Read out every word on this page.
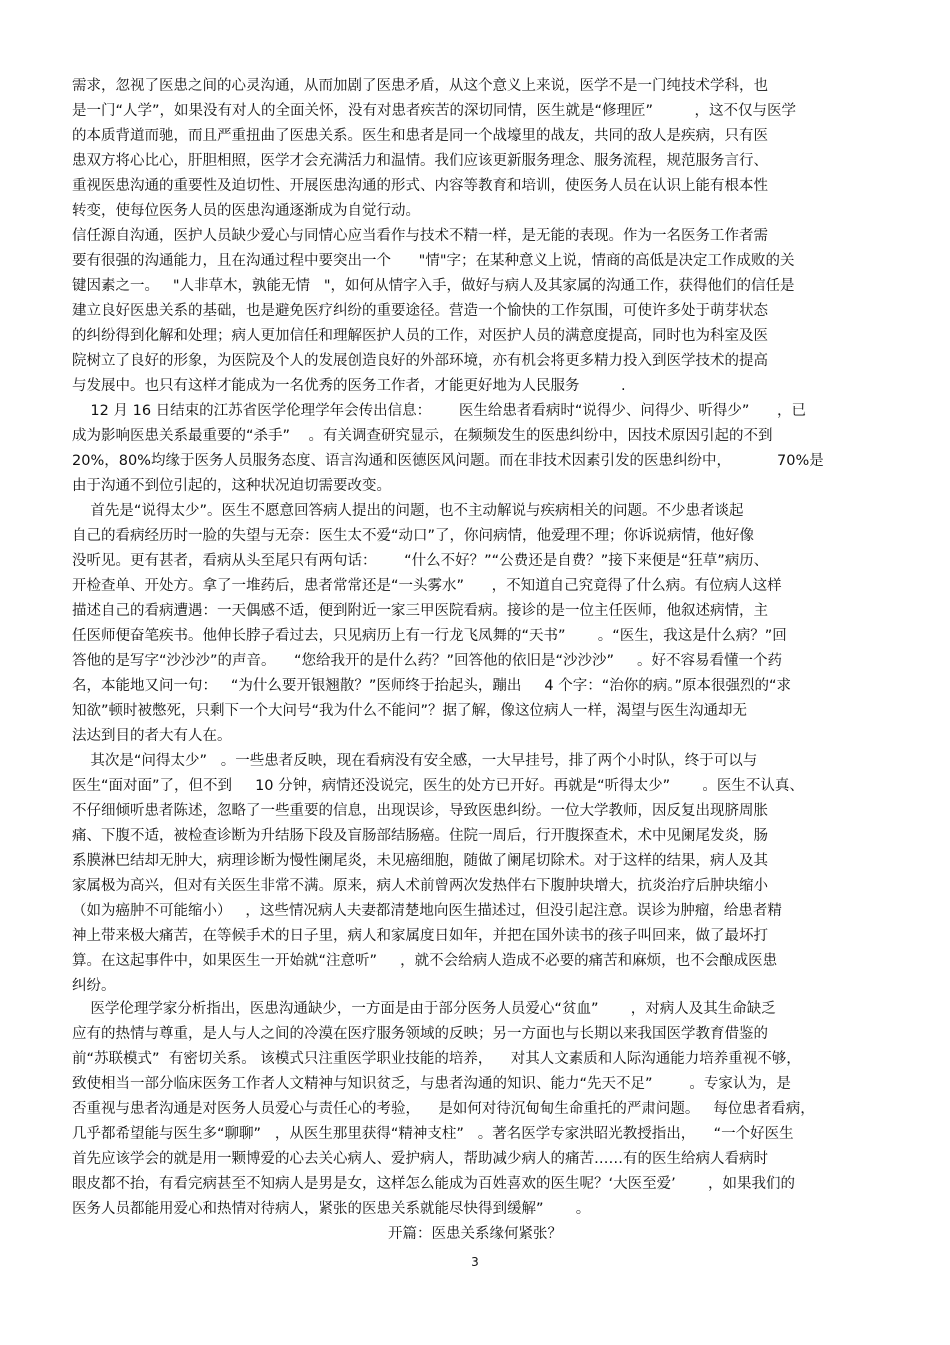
需求，忽视了医患之间的心灵沟通，从而加剧了医患矛盾，从这个意义上来说，医学不是一门纯技术学科，也
是一门“人学”，如果没有对人的全面关怀，没有对患者疾苦的深切同情，医生就是“修理匠”         ，这不仅与医学
的本质背道而驰，而且严重扭曲了医患关系。医生和患者是同一个战壕里的战友，共同的敌人是疾病，只有医
患双方将心比心，肝胆相照，医学才会充满活力和温情。我们应该更新服务理念、服务流程，规范服务言行、
重视医患沟通的重要性及迫切性、开展医患沟通的形式、内容等教育和培训，使医务人员在认识上能有根本性
转变，使每位医务人员的医患沟通逐渐成为自觉行动。
信任源自沟通，医护人员缺少爱心与同情心应当看作与技术不精一样，是无能的表现。作为一名医务工作者需
要有很强的沟通能力，且在沟通过程中要突出一个      "情"字；在某种意义上说，情商的高低是决定工作成败的关
键因素之一。   "人非草木，孰能无情   "，如何从情字入手，做好与病人及其家属的沟通工作，获得他们的信任是
建立良好医患关系的基础，也是避免医疗纠纷的重要途径。营造一个愉快的工作氛围，可使许多处于萌芽状态
的纠纷得到化解和处理；病人更加信任和理解医护人员的工作，对医护人员的满意度提高，同时也为科室及医
院树立了良好的形象，为医院及个人的发展创造良好的外部环境，亦有机会将更多精力投入到医学技术的提高
与发展中。也只有这样才能成为一名优秀的医务工作者，才能更好地为人民服务         .
12 月 16 日结束的江苏省医学伦理学年会传出信息：      医生给患者看病时“说得少、问得少、听得少”      ，已
成为影响医患关系最重要的“杀手”    。有关调查研究显示，在频频发生的医患纠纷中，因技术原因引起的不到
20%，80%均缘于医务人员服务态度、语言沟通和医德医风问题。而在非技术因素引发的医患纠纷中，          70%是
由于沟通不到位引起的，这种状况迫切需要改变。
首先是“说得太少”。医生不愿意回答病人提出的问题，也不主动解说与疾病相关的问题。不少患者谈起
自己的看病经历时一脸的失望与无奈：医生太不爱“动口”了，你问病情，他爱理不理；你诉说病情，他好像
没听见。更有甚者，看病从头至尾只有两句话：      “什么不好？”“公费还是自费？”接下来便是“狂草”病历、
开检查单、开处方。拿了一堆药后，患者常常还是“一头雾水”      ，不知道自己究竟得了什么病。有位病人这样
描述自己的看病遭遇：一天偶感不适，便到附近一家三甲医院看病。接诊的是一位主任医师，他叙述病情，主
任医师便奋笔疾书。他伸长脖子看过去，只见病历上有一行龙飞凤舞的“天书”       。“医生，我这是什么病？”回
答他的是写字“沙沙沙”的声音。    “您给我开的是什么药？”回答他的依旧是“沙沙沙”     。好不容易看懂一个药
名，本能地又问一句：   “为什么要开银翘散？”医师终于抬起头，蹦出     4 个字：“治你的病。”原本很强烈的“求
知欲”顿时被憋死，只剩下一个大问号“我为什么不能问”？据了解，像这位病人一样，渴望与医生沟通却无
法达到目的者大有人在。
其次是“问得太少”   。一些患者反映，现在看病没有安全感，一大早挂号，排了两个小时队，终于可以与
医生“面对面”了，但不到     10 分钟，病情还没说完，医生的处方已开好。再就是“听得太少”       。医生不认真、
不仔细倾听患者陈述，忽略了一些重要的信息，出现误诊，导致医患纠纷。一位大学教师，因反复出现脐周胀
痛、下腹不适，被检查诊断为升结肠下段及盲肠部结肠癌。住院一周后，行开腹探查术，术中见阑尾发炎，肠
系膜淋巴结却无肿大，病理诊断为慢性阑尾炎，未见癌细胞，随做了阑尾切除术。对于这样的结果，病人及其
家属极为高兴，但对有关医生非常不满。原来，病人术前曾两次发热伴右下腹肿块增大，抗炎治疗后肿块缩小
（如为癌肿不可能缩小）   ，这些情况病人夫妻都清楚地向医生描述过，但没引起注意。误诊为肿瘤，给患者精
神上带来极大痛苦，在等候手术的日子里，病人和家属度日如年，并把在国外读书的孩子叫回来，做了最坏打
算。在这起事件中，如果医生一开始就“注意听”     ，就不会给病人造成不必要的痛苦和麻烦，也不会酿成医患
纠纷。
医学伦理学家分析指出，医患沟通缺少，一方面是由于部分医务人员爱心“贫血”       ，对病人及其生命缺乏
应有的热情与尊重，是人与人之间的冷漠在医疗服务领域的反映；另一方面也与长期以来我国医学教育借鉴的
前“苏联模式”  有密切关系。 该模式只注重医学职业技能的培养，    对其人文素质和人际沟通能力培养重视不够，
致使相当一部分临床医务工作者人文精神与知识贫乏，与患者沟通的知识、能力“先天不足”        。专家认为，是
否重视与患者沟通是对医务人员爱心与责任心的考验，    是如何对待沉甸甸生命重托的严肃问题。   每位患者看病，
几乎都希望能与医生多“聊聊”   ，从医生那里获得“精神支柱”   。著名医学专家洪昭光教授指出，    “一个好医生
首先应该学会的就是用一颗博爱的心去关心病人、爱护病人，帮助减少病人的痛苦……有的医生给病人看病时
眼皮都不抬，有看完病甚至不知病人是男是女，这样怎么能成为百姓喜欢的医生呢？‘大医至爱’       ，如果我们的
医务人员都能用爱心和热情对待病人，紧张的医患关系就能尽快得到缓解”       。

开篇：医患关系缘何紧张？

3
